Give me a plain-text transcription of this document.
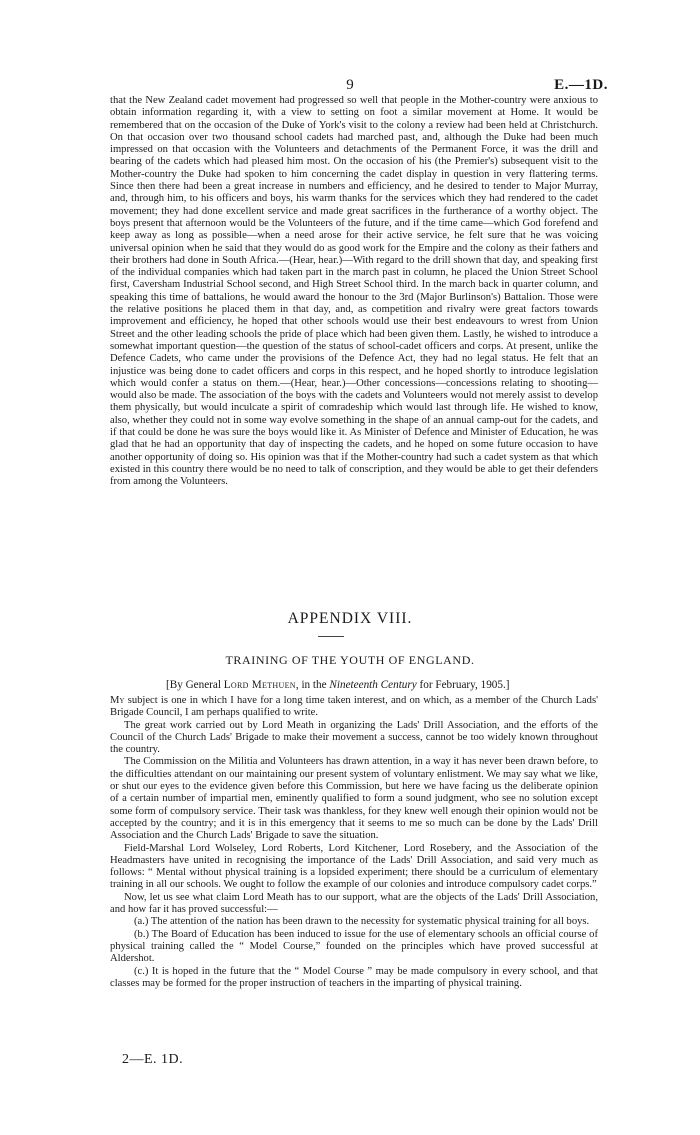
9	E.—1D.

that the New Zealand cadet movement had progressed so well that people in the Mother-country were anxious to obtain information regarding it, with a view to setting on foot a similar movement at Home. It would be remembered that on the occasion of the Duke of York's visit to the colony a review had been held at Christchurch. On that occasion over two thousand school cadets had marched past, and, although the Duke had been much impressed on that occasion with the Volunteers and detachments of the Permanent Force, it was the drill and bearing of the cadets which had pleased him most. On the occasion of his (the Premier's) subsequent visit to the Mother-country the Duke had spoken to him concerning the cadet display in question in very flattering terms. Since then there had been a great increase in numbers and efficiency, and he desired to tender to Major Murray, and, through him, to his officers and boys, his warm thanks for the services which they had rendered to the cadet movement; they had done excellent service and made great sacrifices in the furtherance of a worthy object. The boys present that afternoon would be the Volunteers of the future, and if the time came—which God forefend and keep away as long as possible—when a need arose for their active service, he felt sure that he was voicing universal opinion when he said that they would do as good work for the Empire and the colony as their fathers and their brothers had done in South Africa.—(Hear, hear.)—With regard to the drill shown that day, and speaking first of the individual companies which had taken part in the march past in column, he placed the Union Street School first, Caversham Industrial School second, and High Street School third. In the march back in quarter column, and speaking this time of battalions, he would award the honour to the 3rd (Major Burlinson's) Battalion. Those were the relative positions he placed them in that day, and, as competition and rivalry were great factors towards improvement and efficiency, he hoped that other schools would use their best endeavours to wrest from Union Street and the other leading schools the pride of place which had been given them. Lastly, he wished to introduce a somewhat important question—the question of the status of school-cadet officers and corps. At present, unlike the Defence Cadets, who came under the provisions of the Defence Act, they had no legal status. He felt that an injustice was being done to cadet officers and corps in this respect, and he hoped shortly to introduce legislation which would confer a status on them.—(Hear, hear.)—Other concessions—concessions relating to shooting—would also be made. The association of the boys with the cadets and Volunteers would not merely assist to develop them physically, but would inculcate a spirit of comradeship which would last through life. He wished to know, also, whether they could not in some way evolve something in the shape of an annual camp-out for the cadets, and if that could be done he was sure the boys would like it. As Minister of Defence and Minister of Education, he was glad that he had an opportunity that day of inspecting the cadets, and he hoped on some future occasion to have another opportunity of doing so. His opinion was that if the Mother-country had such a cadet system as that which existed in this country there would be no need to talk of conscription, and they would be able to get their defenders from among the Volunteers.

APPENDIX VIII.
TRAINING OF THE YOUTH OF ENGLAND.
[By General Lord Methuen, in the Nineteenth Century for February, 1905.]

My subject is one in which I have for a long time taken interest, and on which, as a member of the Church Lads' Brigade Council, I am perhaps qualified to write.

The great work carried out by Lord Meath in organizing the Lads' Drill Association, and the efforts of the Council of the Church Lads' Brigade to make their movement a success, cannot be too widely known throughout the country.

The Commission on the Militia and Volunteers has drawn attention, in a way it has never been drawn before, to the difficulties attendant on our maintaining our present system of voluntary enlistment. We may say what we like, or shut our eyes to the evidence given before this Commission, but here we have facing us the deliberate opinion of a certain number of impartial men, eminently qualified to form a sound judgment, who see no solution except some form of compulsory service. Their task was thankless, for they knew well enough their opinion would not be accepted by the country; and it is in this emergency that it seems to me so much can be done by the Lads' Drill Association and the Church Lads' Brigade to save the situation.

Field-Marshal Lord Wolseley, Lord Roberts, Lord Kitchener, Lord Rosebery, and the Association of the Headmasters have united in recognising the importance of the Lads' Drill Association, and said very much as follows: “ Mental without physical training is a lopsided experiment; there should be a curriculum of elementary training in all our schools. We ought to follow the example of our colonies and introduce compulsory cadet corps.”

Now, let us see what claim Lord Meath has to our support, what are the objects of the Lads' Drill Association, and how far it has proved successful:—

(a.) The attention of the nation has been drawn to the necessity for systematic physical training for all boys.

(b.) The Board of Education has been induced to issue for the use of elementary schools an official course of physical training called the “ Model Course,” founded on the principles which have proved successful at Aldershot.

(c.) It is hoped in the future that the “ Model Course ” may be made compulsory in every school, and that classes may be formed for the proper instruction of teachers in the imparting of physical training.

2—E. 1D.
